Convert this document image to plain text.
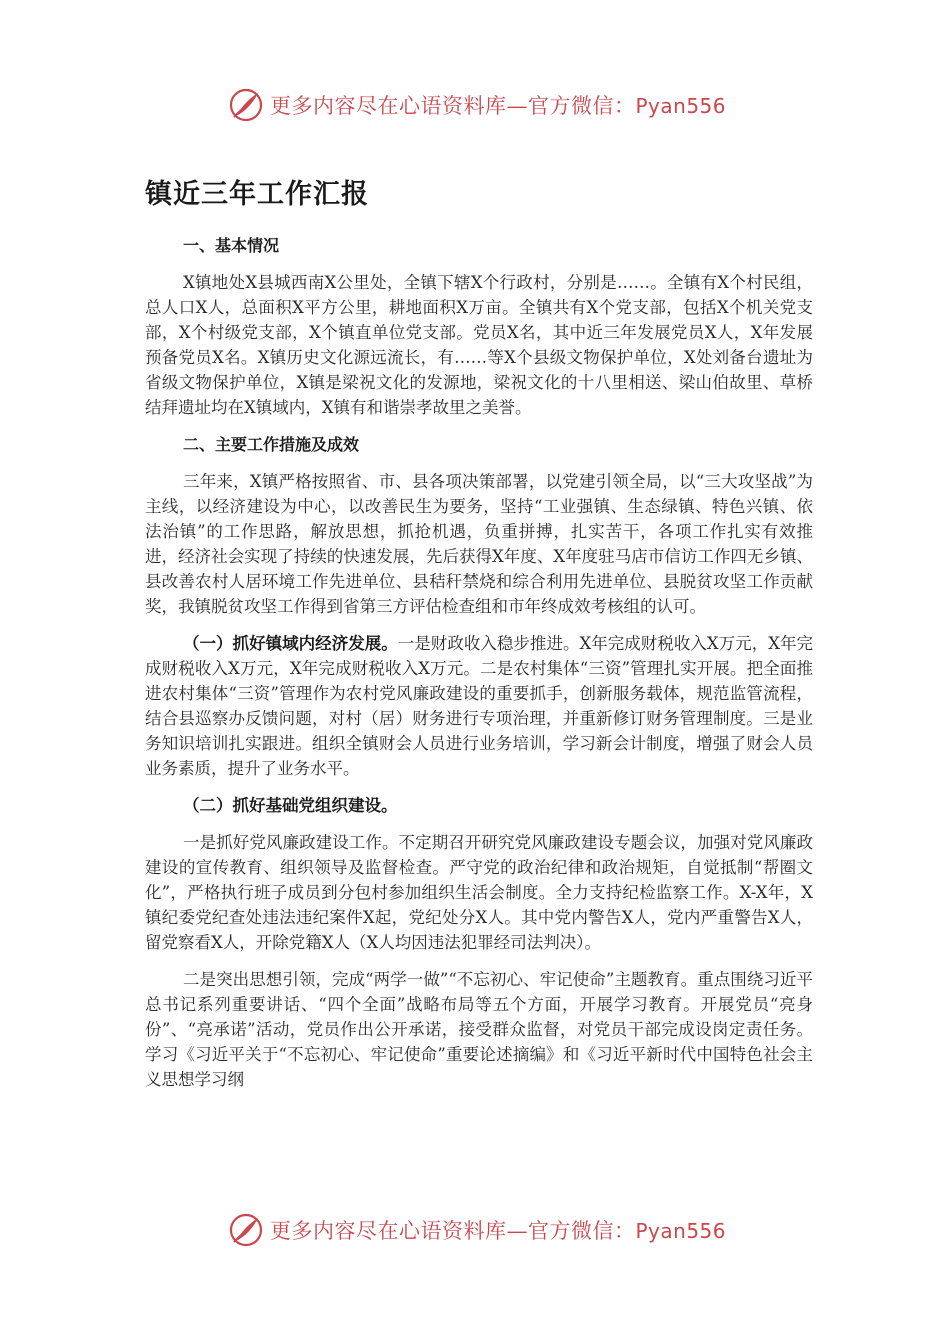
更多内容尽在心语资料库—官方微信：Pyan556
镇近三年工作汇报
一、基本情况

X镇地处X县城西南X公里处，全镇下辖X个行政村，分别是……。全镇有X个村民组，总人口X人，总面积X平方公里，耕地面积X万亩。全镇共有X个党支部，包括X个机关党支部，X个村级党支部，X个镇直单位党支部。党员X名，其中近三年发展党员X人，X年发展预备党员X名。X镇历史文化源远流长，有……等X个县级文物保护单位，X处刘备台遗址为省级文物保护单位，X镇是梁祝文化的发源地，梁祝文化的十八里相送、梁山伯故里、草桥结拜遗址均在X镇域内，X镇有和谐崇孝故里之美誉。

二、主要工作措施及成效

三年来，X镇严格按照省、市、县各项决策部署，以党建引领全局，以“三大攻坚战”为主线，以经济建设为中心，以改善民生为要务，坚持“工业强镇、生态绿镇、特色兴镇、依法治镇”的工作思路，解放思想，抓抢机遇，负重拼搏，扎实苦干，各项工作扎实有效推进，经济社会实现了持续的快速发展，先后获得X年度、X年度驻马店市信访工作四无乡镇、县改善农村人居环境工作先进单位、县秸秆禁烧和综合利用先进单位、县脱贫攻坚工作贡献奖，我镇脱贫攻坚工作得到省第三方评估检查组和市年终成效考核组的认可。

（一）抓好镇域内经济发展。一是财政收入稳步推进。X年完成财税收入X万元，X年完成财税收入X万元，X年完成财税收入X万元。二是农村集体“三资”管理扎实开展。把全面推进农村集体“三资”管理作为农村党风廉政建设的重要抓手，创新服务载体，规范监管流程，结合县巡察办反馈问题，对村（居）财务进行专项治理，并重新修订财务管理制度。三是业务知识培训扎实跟进。组织全镇财会人员进行业务培训，学习新会计制度，增强了财会人员业务素质，提升了业务水平。

（二）抓好基础党组织建设。

一是抓好党风廉政建设工作。不定期召开研究党风廉政建设专题会议，加强对党风廉政建设的宣传教育、组织领导及监督检查。严守党的政治纪律和政治规矩，自觉抵制“帮圈文化”，严格执行班子成员到分包村参加组织生活会制度。全力支持纪检监察工作。X-X年，X镇纪委党纪查处违法违纪案件X起，党纪处分X人。其中党内警告X人，党内严重警告X人，留党察看X人，开除党籍X人（X人均因违法犯罪经司法判决）。

二是突出思想引领，完成“两学一做”“不忘初心、牢记使命”主题教育。重点围绕习近平总书记系列重要讲话、“四个全面”战略布局等五个方面，开展学习教育。开展党员“亮身份”、“亮承诺”活动，党员作出公开承诺，接受群众监督，对党员干部完成设岗定责任务。学习《习近平关于“不忘初心、牢记使命”重要论述摘编》和《习近平新时代中国特色社会主义思想学习纲

更多内容尽在心语资料库—官方微信：Pyan556
